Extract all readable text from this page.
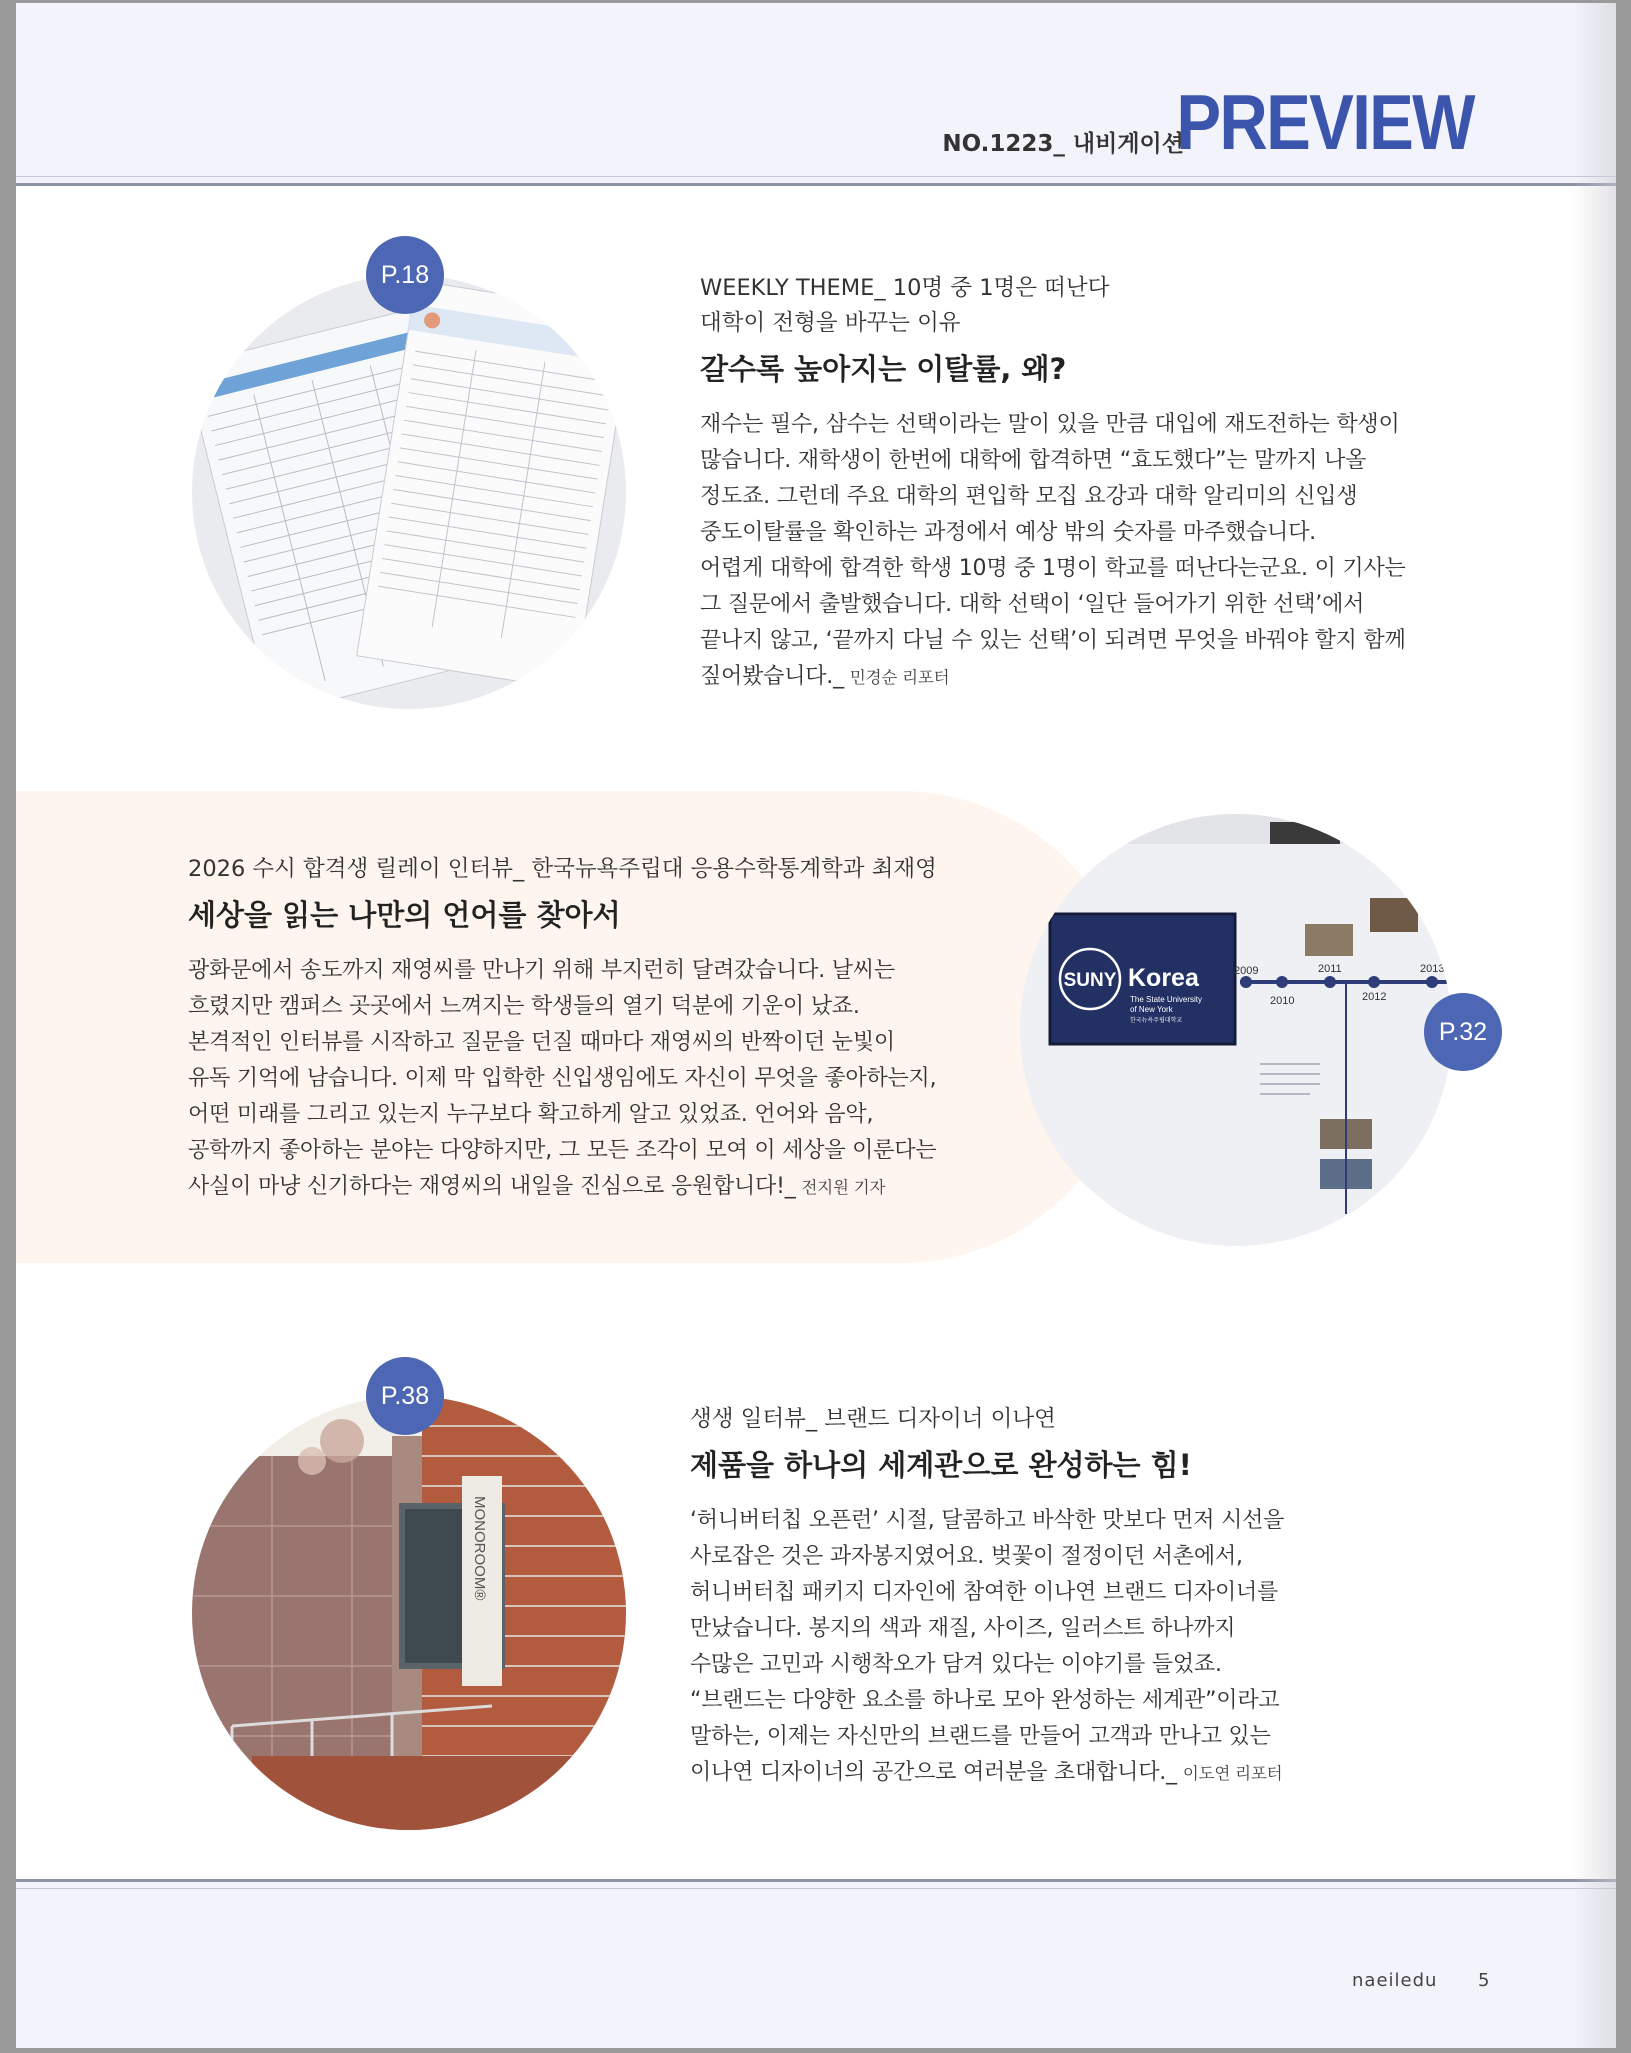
NO.1223_ 내비게이션
PREVIEW
P.18	WEEKLY THEME_ 10명 중 1명은 떠난다
대학이 전형을 바꾸는 이유
갈수록 높아지는 이탈률, 왜?
재수는 필수, 삼수는 선택이라는 말이 있을 만큼 대입에 재도전하는 학생이
많습니다. 재학생이 한번에 대학에 합격하면 “효도했다”는 말까지 나올
정도죠. 그런데 주요 대학의 편입학 모집 요강과 대학 알리미의 신입생
중도이탈률을 확인하는 과정에서 예상 밖의 숫자를 마주했습니다.
어렵게 대학에 합격한 학생 10명 중 1명이 학교를 떠난다는군요. 이 기사는
그 질문에서 출발했습니다. 대학 선택이 ‘일단 들어가기 위한 선택’에서
끝나지 않고, ‘끝까지 다닐 수 있는 선택’이 되려면 무엇을 바꿔야 할지 함께
짚어봤습니다._ 민경순 리포터
SUNY Korea
The State University
of New York
한국뉴욕주립대학교
2009
2010
2011
2012
2013
P.32
2026 수시 합격생 릴레이 인터뷰_ 한국뉴욕주립대 응용수학통계학과 최재영
세상을 읽는 나만의 언어를 찾아서
광화문에서 송도까지 재영씨를 만나기 위해 부지런히 달려갔습니다. 날씨는
흐렸지만 캠퍼스 곳곳에서 느껴지는 학생들의 열기 덕분에 기운이 났죠.
본격적인 인터뷰를 시작하고 질문을 던질 때마다 재영씨의 반짝이던 눈빛이
유독 기억에 남습니다. 이제 막 입학한 신입생임에도 자신이 무엇을 좋아하는지,
어떤 미래를 그리고 있는지 누구보다 확고하게 알고 있었죠. 언어와 음악,
공학까지 좋아하는 분야는 다양하지만, 그 모든 조각이 모여 이 세상을 이룬다는
사실이 마냥 신기하다는 재영씨의 내일을 진심으로 응원합니다!_ 전지원 기자
MONOROOM®
P.38
생생 일터뷰_ 브랜드 디자이너 이나연
제품을 하나의 세계관으로 완성하는 힘!
‘허니버터칩 오픈런’ 시절, 달콤하고 바삭한 맛보다 먼저 시선을
사로잡은 것은 과자봉지였어요. 벚꽃이 절정이던 서촌에서,
허니버터칩 패키지 디자인에 참여한 이나연 브랜드 디자이너를
만났습니다. 봉지의 색과 재질, 사이즈, 일러스트 하나까지
수많은 고민과 시행착오가 담겨 있다는 이야기를 들었죠.
“브랜드는 다양한 요소를 하나로 모아 완성하는 세계관”이라고
말하는, 이제는 자신만의 브랜드를 만들어 고객과 만나고 있는
이나연 디자이너의 공간으로 여러분을 초대합니다._ 이도연 리포터
naeiledu 5
